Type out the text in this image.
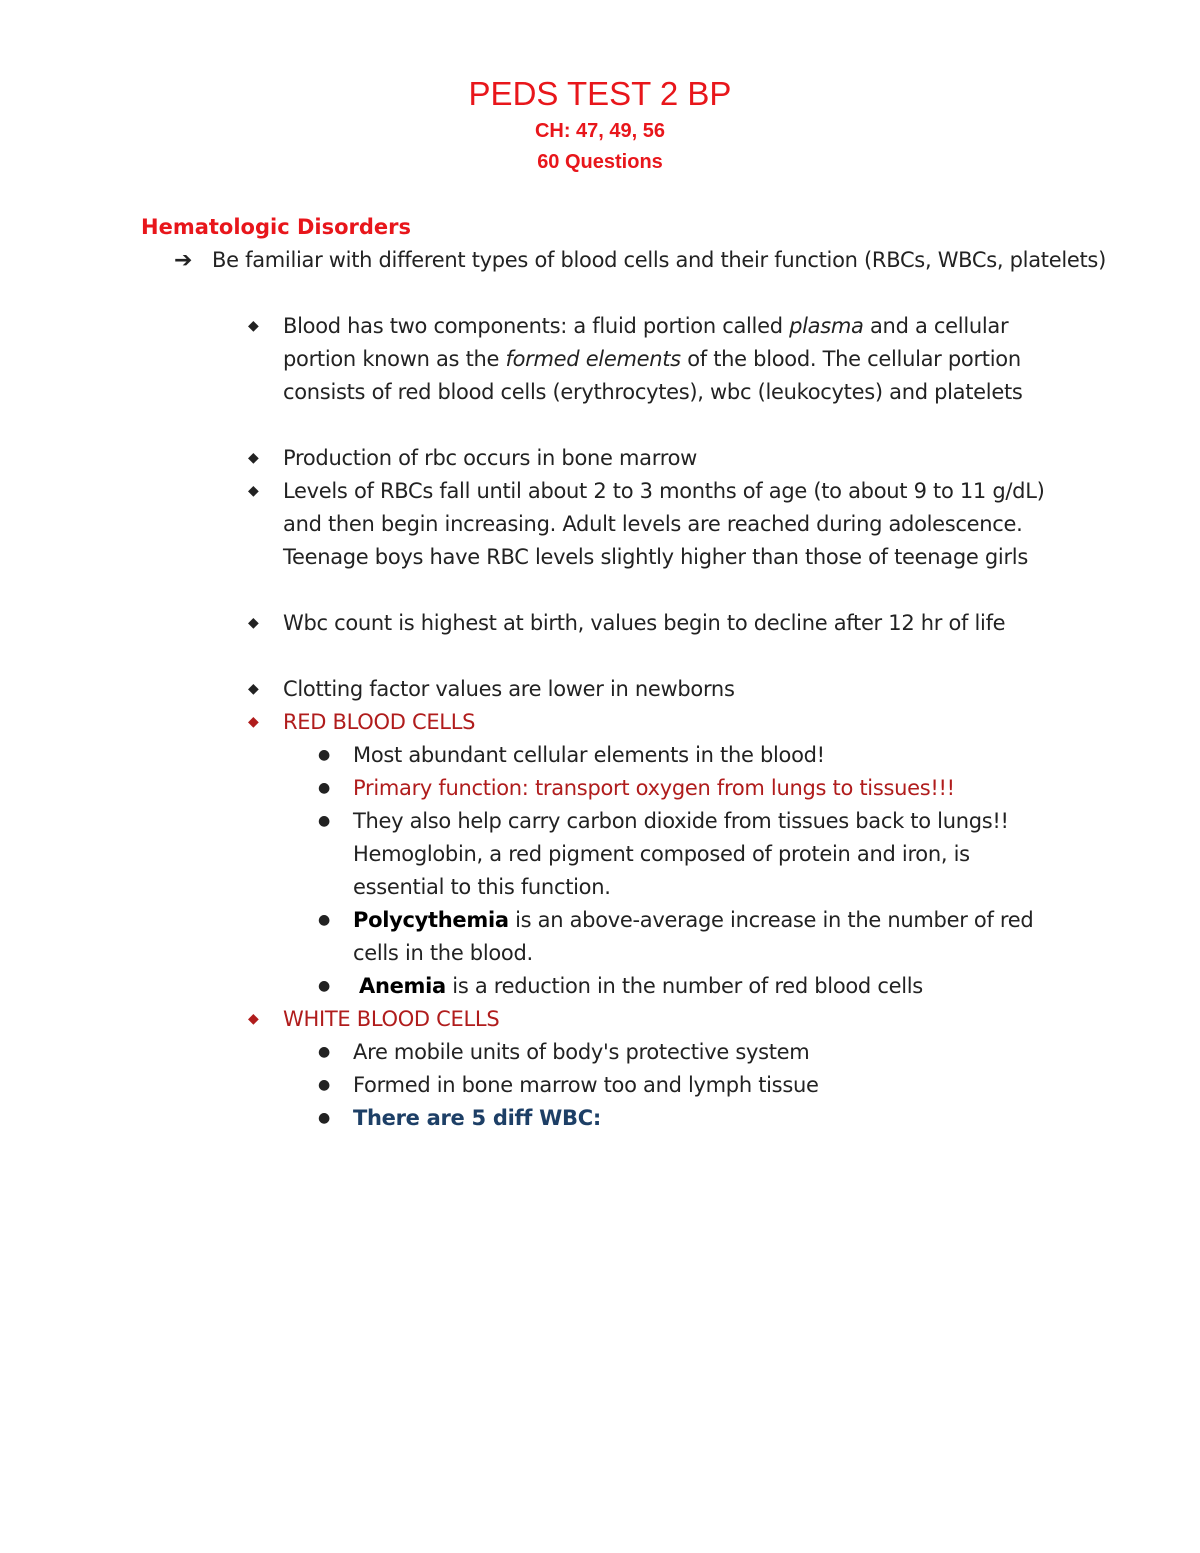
PEDS TEST 2 BP
CH: 47, 49, 56
60 Questions
Hematologic Disorders
➔ Be familiar with different types of blood cells and their function (RBCs, WBCs, platelets)
◆ Blood has two components: a fluid portion called plasma and a cellular portion known as the formed elements of the blood. The cellular portion consists of red blood cells (erythrocytes), wbc (leukocytes) and platelets
◆ Production of rbc occurs in bone marrow
◆ Levels of RBCs fall until about 2 to 3 months of age (to about 9 to 11 g/dL) and then begin increasing. Adult levels are reached during adolescence. Teenage boys have RBC levels slightly higher than those of teenage girls
◆ Wbc count is highest at birth, values begin to decline after 12 hr of life
◆ Clotting factor values are lower in newborns
◆ RED BLOOD CELLS
● Most abundant cellular elements in the blood!
● Primary function: transport oxygen from lungs to tissues!!!
● They also help carry carbon dioxide from tissues back to lungs!! Hemoglobin, a red pigment composed of protein and iron, is essential to this function.
● Polycythemia is an above-average increase in the number of red cells in the blood.
● Anemia is a reduction in the number of red blood cells
◆ WHITE BLOOD CELLS
● Are mobile units of body's protective system
● Formed in bone marrow too and lymph tissue
● There are 5 diff WBC:
